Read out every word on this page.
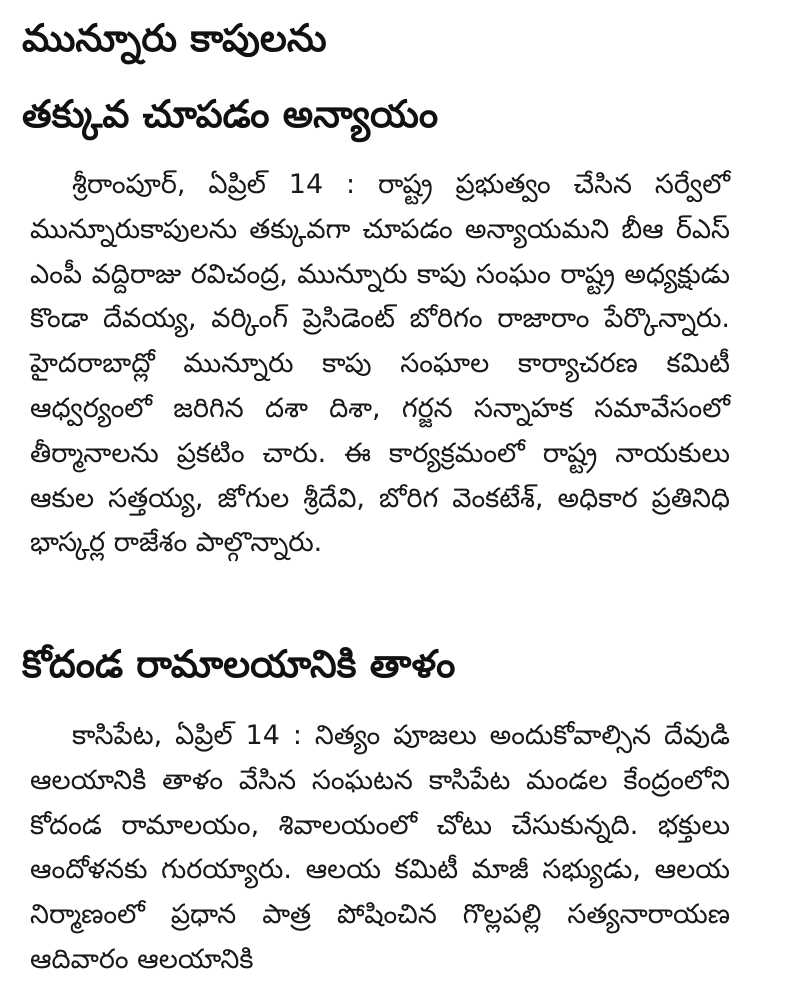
మున్నూరు కాపులను
తక్కువ చూపడం అన్యాయం

శ్రీరాంపూర్, ఏప్రిల్ 14 : రాష్ట్ర ప్రభుత్వం చేసిన సర్వేలో మున్నూరుకాపులను తక్కువగా చూపడం అన్యాయమని బీఆ ర్ఎస్ ఎంపీ వద్దిరాజు రవిచంద్ర, మున్నూరు కాపు సంఘం రాష్ట్ర అధ్యక్షుడు కొండా దేవయ్య, వర్కింగ్ ప్రెసిడెంట్ బోరిగం రాజారాం పేర్కొన్నారు. హైదరాబాద్లో మున్నూరు కాపు సంఘాల కార్యాచరణ కమిటీ ఆధ్వర్యంలో జరిగిన దశా దిశా, గర్జన సన్నాహక సమావేసంలో తీర్మానాలను ప్రకటిం చారు. ఈ కార్యక్రమంలో రాష్ట్ర నాయకులు ఆకుల సత్తయ్య, జోగుల శ్రీదేవి, బోరిగ వెంకటేశ్, అధికార ప్రతినిధి భాస్కర్ల రాజేశం పాల్గొన్నారు.

కోదండ రామాలయానికి తాళం

కాసిపేట, ఏప్రిల్ 14 : నిత్యం పూజలు అందుకోవాల్సిన దేవుడి ఆలయానికి తాళం వేసిన సంఘటన కాసిపేట మండల కేంద్రంలోని కోదండ రామాలయం, శివాలయంలో చోటు చేసుకున్నది. భక్తులు ఆందోళనకు గురయ్యారు. ఆలయ కమిటీ మాజీ సభ్యుడు, ఆలయ నిర్మాణంలో ప్రధాన పాత్ర పోషించిన గొల్లపల్లి సత్యనారాయణ ఆదివారం ఆలయానికి
